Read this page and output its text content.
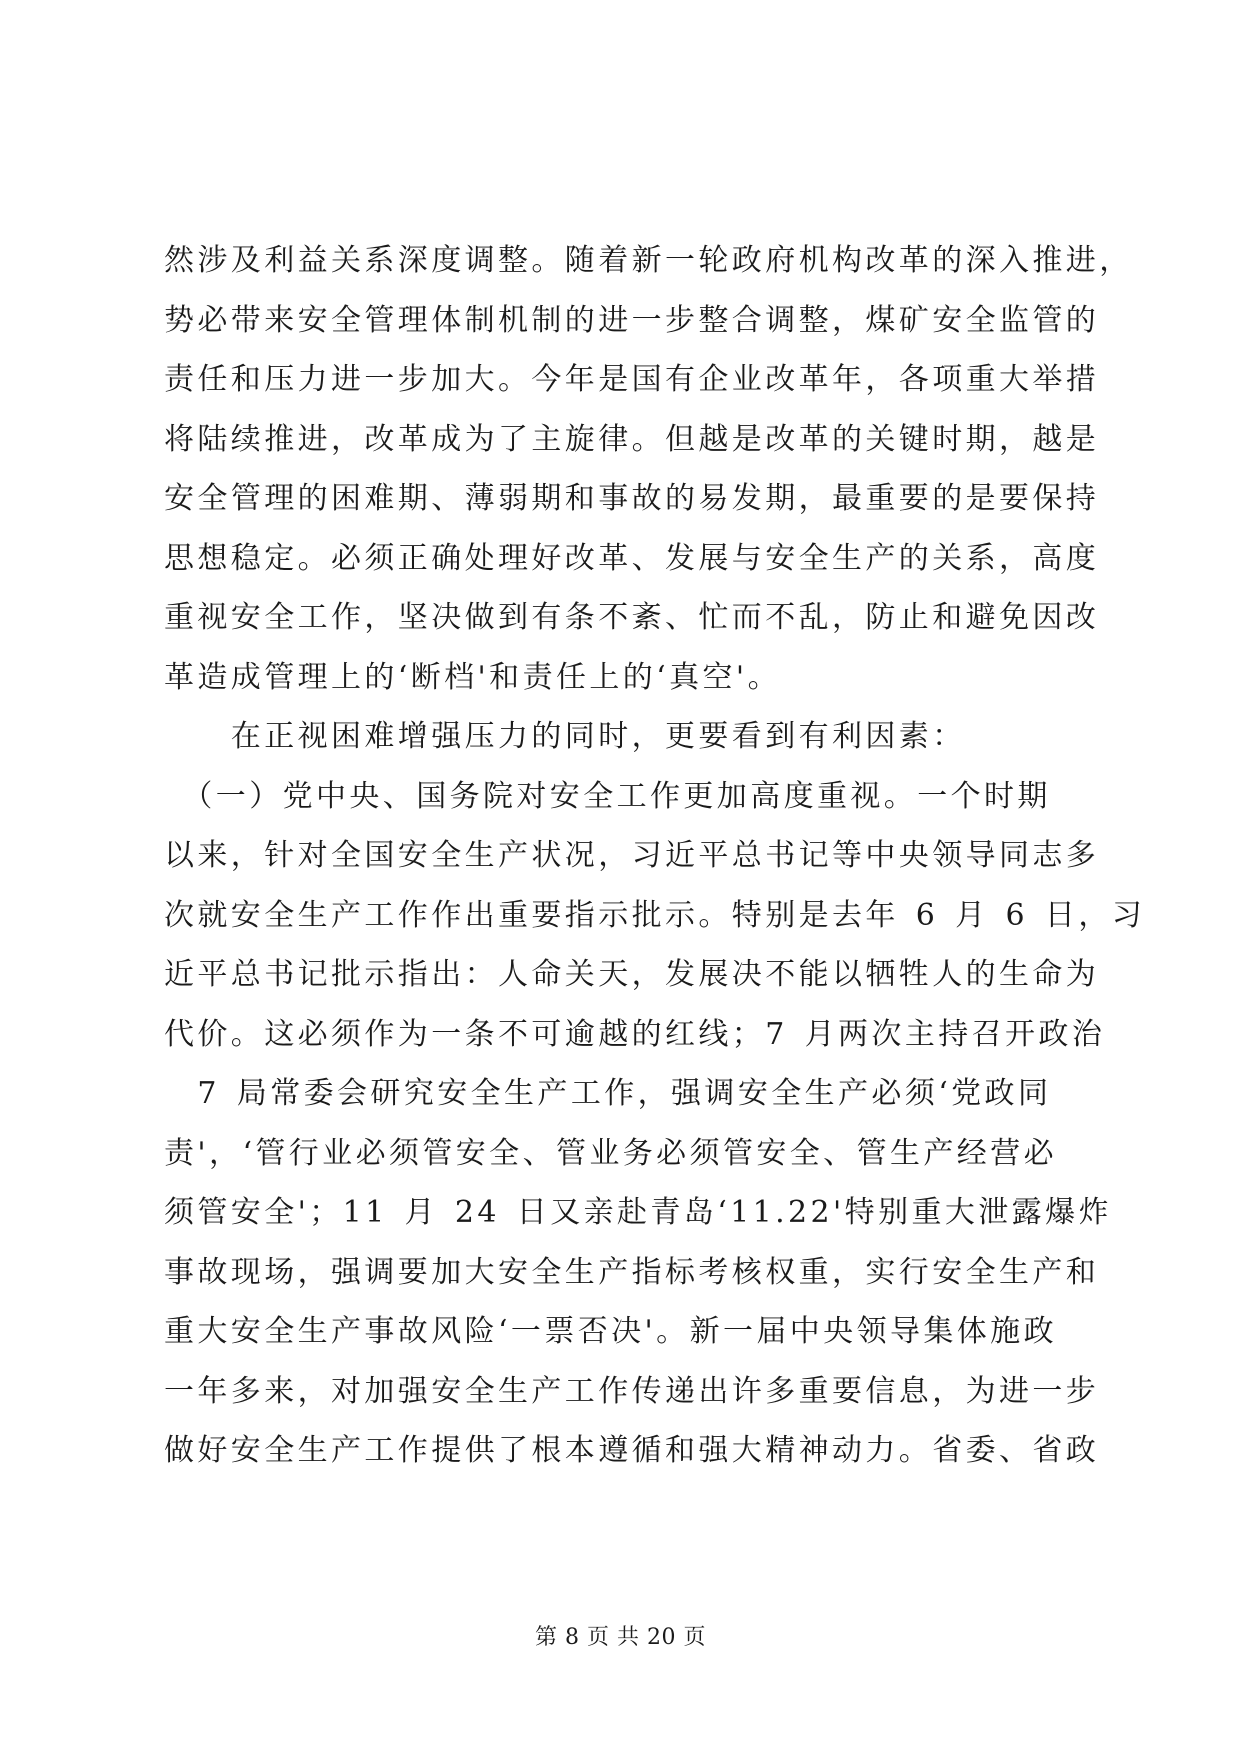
然涉及利益关系深度调整。随着新一轮政府机构改革的深入推进，
势必带来安全管理体制机制的进一步整合调整，煤矿安全监管的
责任和压力进一步加大。今年是国有企业改革年，各项重大举措
将陆续推进，改革成为了主旋律。但越是改革的关键时期，越是
安全管理的困难期、薄弱期和事故的易发期，最重要的是要保持
思想稳定。必须正确处理好改革、发展与安全生产的关系，高度
重视安全工作，坚决做到有条不紊、忙而不乱，防止和避免因改
革造成管理上的‘断档'和责任上的‘真空'。
　　在正视困难增强压力的同时，更要看到有利因素：
　（一）党中央、国务院对安全工作更加高度重视。一个时期
以来，针对全国安全生产状况，习近平总书记等中央领导同志多
次就安全生产工作作出重要指示批示。特别是去年 6 月 6 日，习
近平总书记批示指出：人命关天，发展决不能以牺牲人的生命为
代价。这必须作为一条不可逾越的红线；7 月两次主持召开政治
　7 局常委会研究安全生产工作，强调安全生产必须‘党政同
责'，‘管行业必须管安全、管业务必须管安全、管生产经营必
须管安全'；11 月 24 日又亲赴青岛‘11.22'特别重大泄露爆炸
事故现场，强调要加大安全生产指标考核权重，实行安全生产和
重大安全生产事故风险‘一票否决'。新一届中央领导集体施政
一年多来，对加强安全生产工作传递出许多重要信息，为进一步
做好安全生产工作提供了根本遵循和强大精神动力。省委、省政
第 8 页 共 20 页
